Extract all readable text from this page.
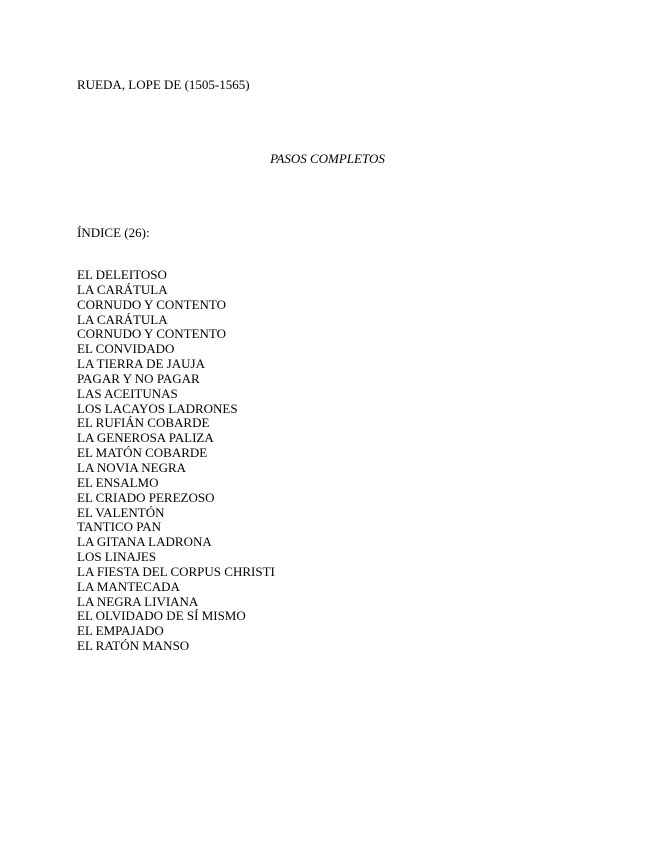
RUEDA, LOPE DE (1505-1565)
PASOS COMPLETOS
ÍNDICE (26):
EL DELEITOSO
LA CARÁTULA
CORNUDO Y CONTENTO
LA CARÁTULA
CORNUDO Y CONTENTO
EL CONVIDADO
LA TIERRA DE JAUJA
PAGAR Y NO PAGAR
LAS ACEITUNAS
LOS LACAYOS LADRONES
EL RUFIÁN COBARDE
LA GENEROSA PALIZA
EL MATÓN COBARDE
LA NOVIA NEGRA
EL ENSALMO
EL CRIADO PEREZOSO
EL VALENTÓN
TANTICO PAN
LA GITANA LADRONA
LOS LINAJES
LA FIESTA DEL CORPUS CHRISTI
LA MANTECADA
LA NEGRA LIVIANA
EL OLVIDADO DE SÍ MISMO
EL EMPAJADO
EL RATÓN MANSO
